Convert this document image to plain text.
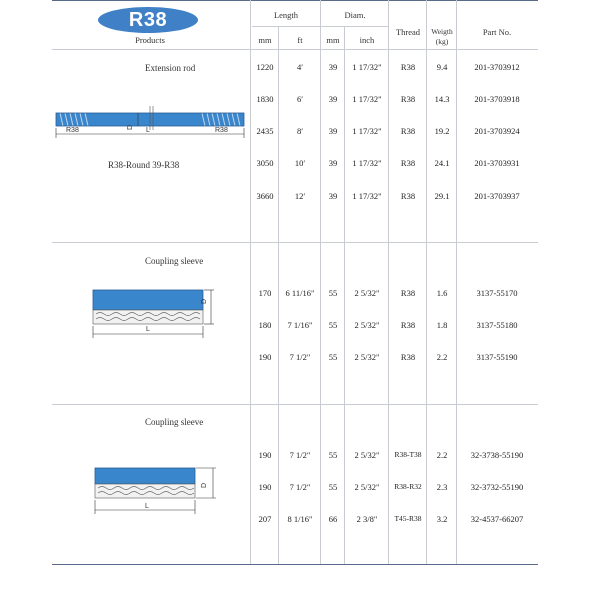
R38
Products
Length	Diam.
Thread	Weigth
(kg)
Part No.
mm	ft	mm	inch
Extension rod
R38-Round 39-R38
R38	R38
D L
1220	4′	39	1 17/32"	R38	9.4	201-3703912
1830	6′	39	1 17/32"	R38	14.3	201-3703918
2435	8′	39	1 17/32"	R38	19.2	201-3703924
3050	10′	39	1 17/32"	R38	24.1	201-3703931
3660	12′	39	1 17/32"	R38	29.1	201-3703937
Coupling sleeve
D
L
170	6 11/16"	55	2 5/32"	R38	1.6	3137-55170
180	7 1/16"	55	2 5/32"	R38	1.8	3137-55180
190	7 1/2"	55	2 5/32"	R38	2.2	3137-55190
Coupling sleeve
D
L
190	7 1/2"	55	2 5/32"	R38-T38	2.2	32-3738-55190
190	7 1/2"	55	2 5/32"	R38-R32	2.3	32-3732-55190
207	8 1/16"	66	2 3/8"	T45-R38	3.2	32-4537-66207
